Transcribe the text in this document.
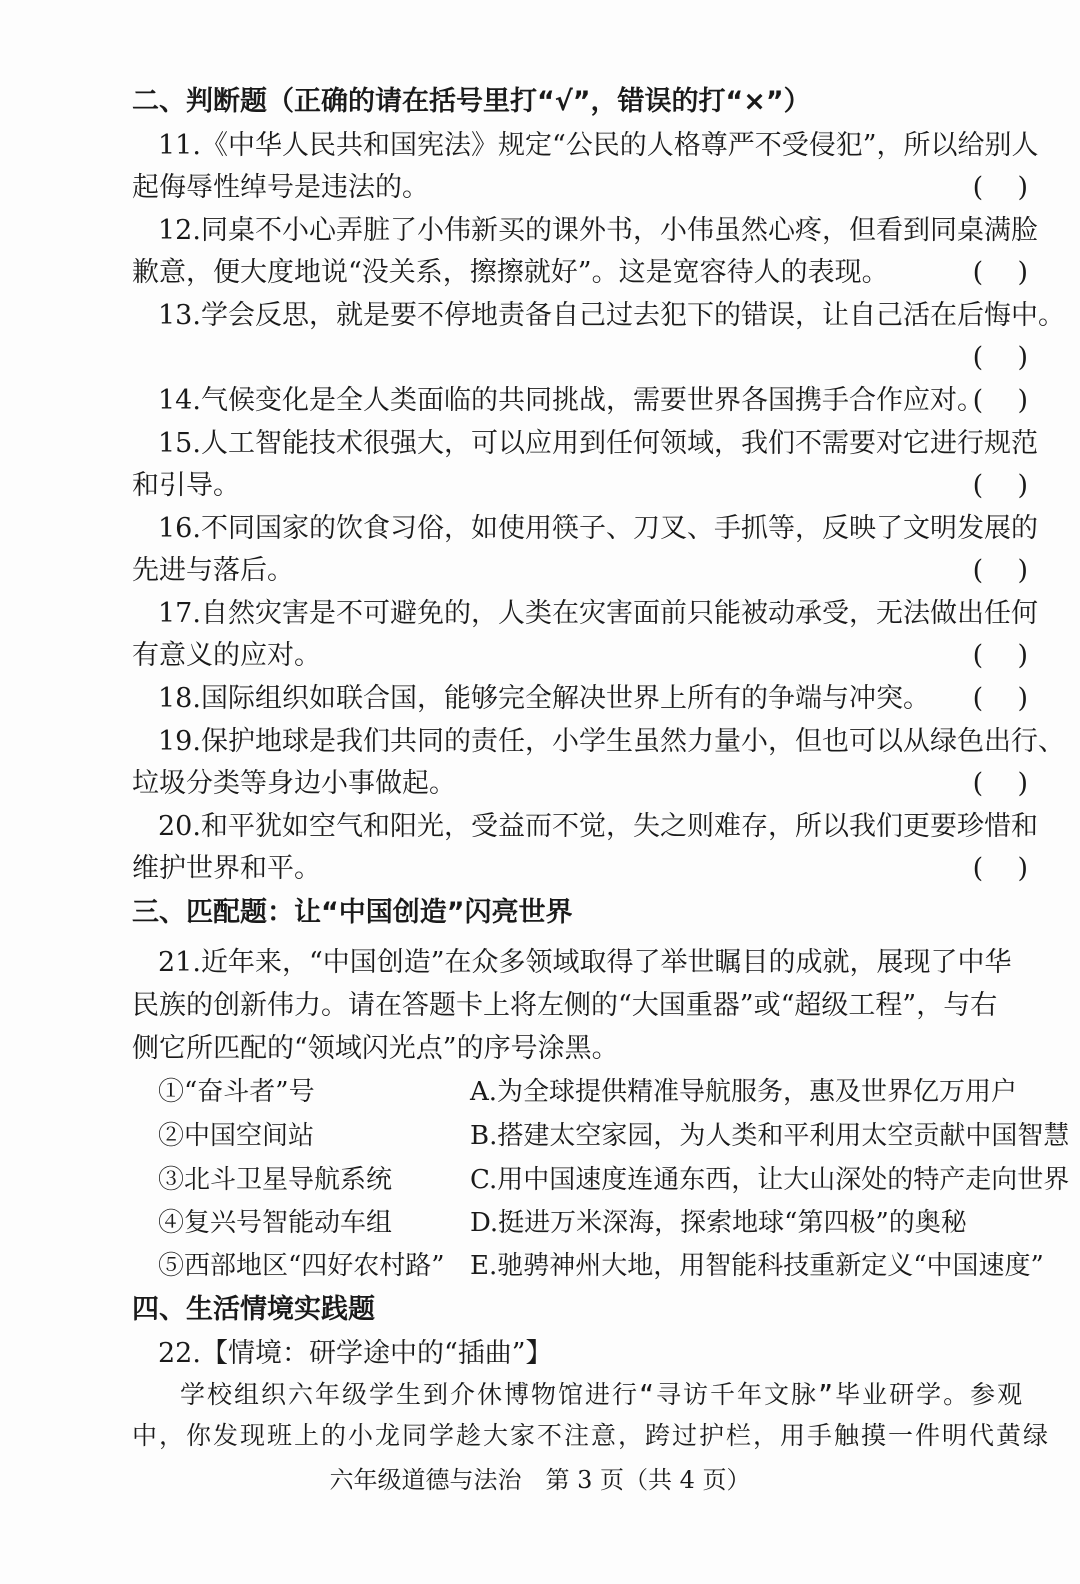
二、判断题（正确的请在括号里打“√”，错误的打“×”）
11.《中华人民共和国宪法》规定“公民的人格尊严不受侵犯”，所以给别人
起侮辱性绰号是违法的。	(    )
12.同桌不小心弄脏了小伟新买的课外书，小伟虽然心疼，但看到同桌满脸
歉意，便大度地说“没关系，擦擦就好”。这是宽容待人的表现。	(    )
13.学会反思，就是要不停地责备自己过去犯下的错误，让自己活在后悔中。
(    )
14.气候变化是全人类面临的共同挑战，需要世界各国携手合作应对。
(    )
15.人工智能技术很强大，可以应用到任何领域，我们不需要对它进行规范
和引导。	(    )
16.不同国家的饮食习俗，如使用筷子、刀叉、手抓等，反映了文明发展的
先进与落后。	(    )
17.自然灾害是不可避免的，人类在灾害面前只能被动承受，无法做出任何
有意义的应对。	(    )
18.国际组织如联合国，能够完全解决世界上所有的争端与冲突。	(    )
19.保护地球是我们共同的责任，小学生虽然力量小，但也可以从绿色出行、
垃圾分类等身边小事做起。	(    )
20.和平犹如空气和阳光，受益而不觉，失之则难存，所以我们更要珍惜和
维护世界和平。	(    )
三、匹配题：让“中国创造”闪亮世界
21.近年来，“中国创造”在众多领域取得了举世瞩目的成就，展现了中华
民族的创新伟力。请在答题卡上将左侧的“大国重器”或“超级工程”，与右
侧它所匹配的“领域闪光点”的序号涂黑。
①“奋斗者”号	A.为全球提供精准导航服务，惠及世界亿万用户
②中国空间站	B.搭建太空家园，为人类和平利用太空贡献中国智慧
③北斗卫星导航系统	C.用中国速度连通东西，让大山深处的特产走向世界
④复兴号智能动车组	D.挺进万米深海，探索地球“第四极”的奥秘
⑤西部地区“四好农村路” E.驰骋神州大地，用智能科技重新定义“中国速度”
四、生活情境实践题
22.【情境：研学途中的“插曲”】
学校组织六年级学生到介休博物馆进行“寻访千年文脉”毕业研学。参观
中，你发现班上的小龙同学趁大家不注意，跨过护栏，用手触摸一件明代黄绿
六年级道德与法治　第 3 页（共 4 页）
